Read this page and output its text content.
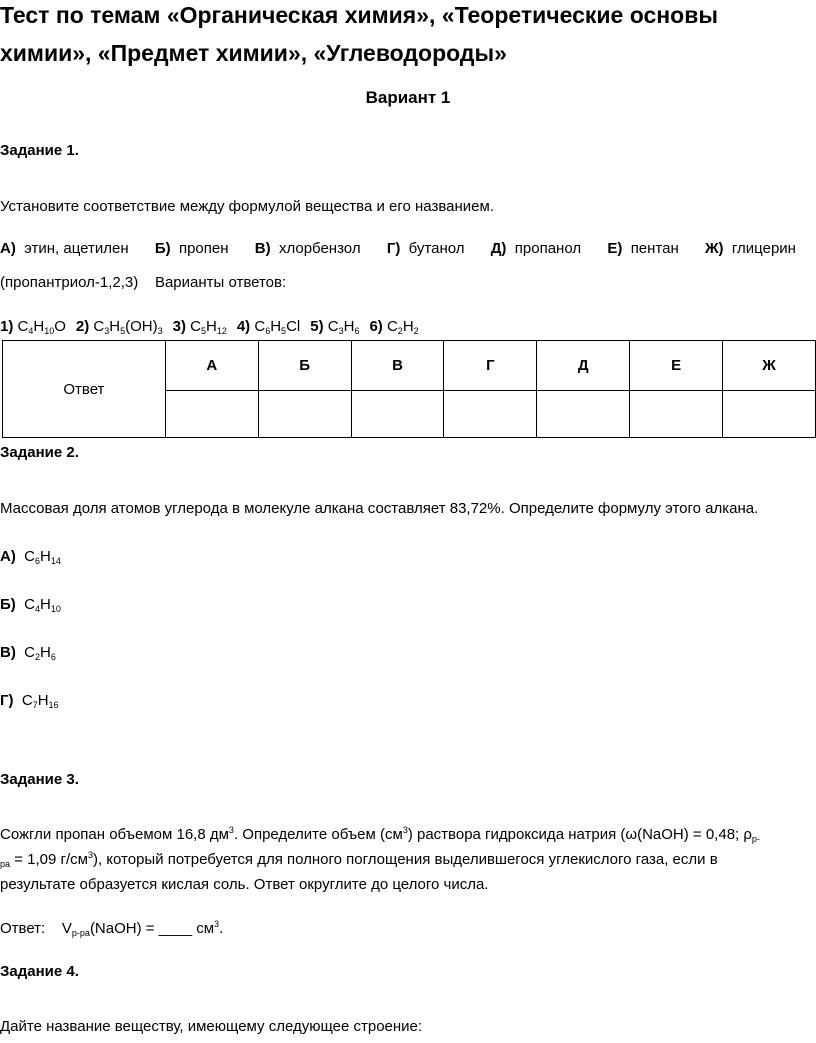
Тест по темам «Органическая химия», «Теоретические основы
химии», «Предмет химии», «Углеводороды»
Вариант 1
Задание 1.
Установите соответствие между формулой вещества и его названием.
А) этин, ацетилен Б) пропен В) хлорбензол Г) бутанол Д) пропанол Е) пентан Ж) глицерин
(пропантриол-1,2,3) Варианты ответов:
1) $C_4H_{10}O$ 2) $C_3H_5(OH)_3$ 3) $C_5H_{12}$ 4) $C_6H_5Cl$ 5) $C_3H_6$ 6) $C_2H_2$
Ответ	А	Б	В	Г	Д	Е	Ж

Задание 2.
Массовая доля атомов углерода в молекуле алкана составляет 83,72%. Определите формулу этого алкана.
А)  $C_6H_{14}$
Б)  $C_4H_{10}$
В)  $C_2H_6$
Г)  $C_7H_{16}$
Задание 3.
Сожгли пропан объемом 16,8 $дм^3$. Определите объем $(см^3)$ раствора гидроксида натрия (ω(NaOH) = 0,48; $\rho_{р-}$
$_{ра}$ = 1,09 $г/см^3$), который потребуется для полного поглощения выделившегося углекислого газа, если в
результате образуется кислая соль. Ответ округлите до целого числа.
Ответ: $V_{р-ра}(NaOH)$ = ____ $см^3$.
Задание 4.
Дайте название веществу, имеющему следующее строение:
